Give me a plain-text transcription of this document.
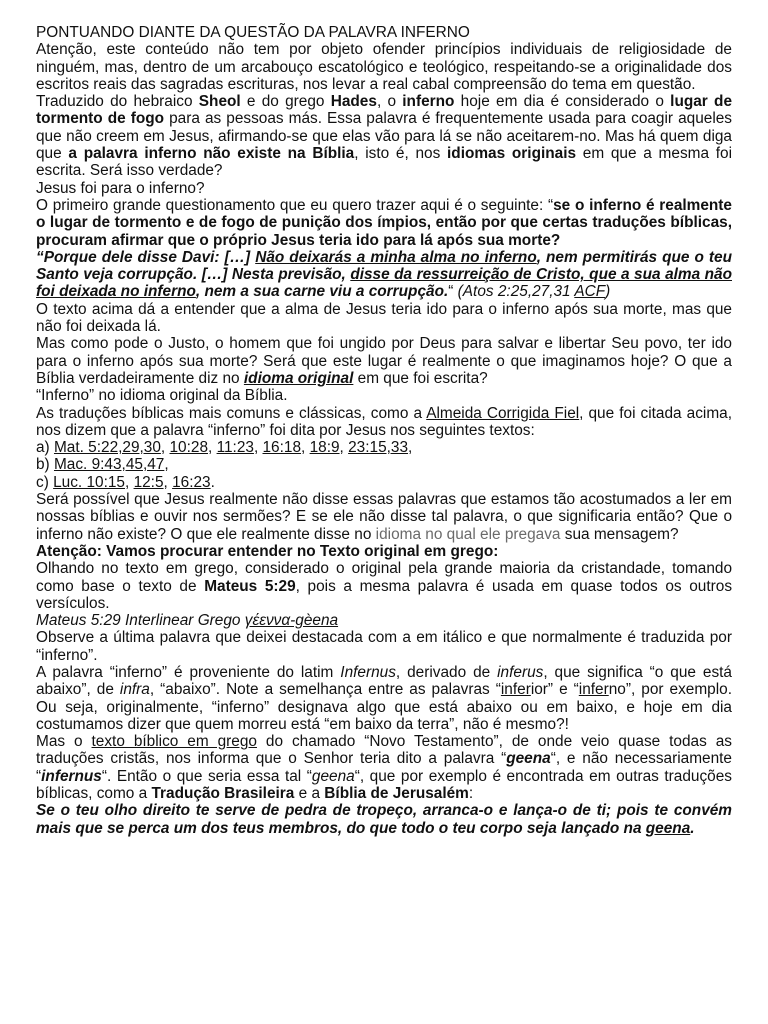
PONTUANDO DIANTE DA QUESTÃO DA PALAVRA INFERNO

Atenção, este conteúdo não tem por objeto ofender princípios individuais de religiosidade de ninguém, mas, dentro de um arcabouço escatológico e teológico, respeitando-se a originalidade dos escritos reais das sagradas escrituras, nos levar a real cabal compreensão do tema em questão.

Traduzido do hebraico Sheol e do grego Hades, o inferno hoje em dia é considerado o lugar de tormento de fogo para as pessoas más. Essa palavra é frequentemente usada para coagir aqueles que não creem em Jesus, afirmando-se que elas vão para lá se não aceitarem-no. Mas há quem diga que a palavra inferno não existe na Bíblia, isto é, nos idiomas originais em que a mesma foi escrita. Será isso verdade?

Jesus foi para o inferno?

O primeiro grande questionamento que eu quero trazer aqui é o seguinte: “se o inferno é realmente o lugar de tormento e de fogo de punição dos ímpios, então por que certas traduções bíblicas, procuram afirmar que o próprio Jesus teria ido para lá após sua morte?

“Porque dele disse Davi: […] Não deixarás a minha alma no inferno, nem permitirás que o teu Santo veja corrupção. […] Nesta previsão, disse da ressurreição de Cristo, que a sua alma não foi deixada no inferno, nem a sua carne viu a corrupção.“ (Atos 2:25,27,31 ACF)

O texto acima dá a entender que a alma de Jesus teria ido para o inferno após sua morte, mas que não foi deixada lá.

Mas como pode o Justo, o homem que foi ungido por Deus para salvar e libertar Seu povo, ter ido para o inferno após sua morte? Será que este lugar é realmente o que imaginamos hoje? O que a Bíblia verdadeiramente diz no idioma original em que foi escrita?

“Inferno” no idioma original da Bíblia.

As traduções bíblicas mais comuns e clássicas, como a Almeida Corrigida Fiel, que foi citada acima, nos dizem que a palavra “inferno” foi dita por Jesus nos seguintes textos:

a) Mat. 5:22,29,30, 10:28, 11:23, 16:18, 18:9, 23:15,33,

b) Mac. 9:43,45,47,

c) Luc. 10:15, 12:5, 16:23.

Será possível que Jesus realmente não disse essas palavras que estamos tão acostumados a ler em nossas bíblias e ouvir nos sermões? E se ele não disse tal palavra, o que significaria então? Que o inferno não existe? O que ele realmente disse no idioma no qual ele pregava sua mensagem?

Atenção: Vamos procurar entender no Texto original em grego:

Olhando no texto em grego, considerado o original pela grande maioria da cristandade, tomando como base o texto de Mateus 5:29, pois a mesma palavra é usada em quase todos os outros versículos.

Mateus 5:29 Interlinear Grego γέεννα-gèena

Observe a última palavra que deixei destacada com a em itálico e que normalmente é traduzida por “inferno”.

A palavra “inferno” é proveniente do latim Infernus, derivado de inferus, que significa “o que está abaixo”, de infra, “abaixo”. Note a semelhança entre as palavras “inferior” e “inferno”, por exemplo. Ou seja, originalmente, “inferno” designava algo que está abaixo ou em baixo, e hoje em dia costumamos dizer que quem morreu está “em baixo da terra”, não é mesmo?!

Mas o texto bíblico em grego do chamado “Novo Testamento”, de onde veio quase todas as traduções cristãs, nos informa que o Senhor teria dito a palavra “geena“, e não necessariamente “infernus“. Então o que seria essa tal “geena“, que por exemplo é encontrada em outras traduções bíblicas, como a Tradução Brasileira e a Bíblia de Jerusalém:

Se o teu olho direito te serve de pedra de tropeço, arranca-o e lança-o de ti; pois te convém mais que se perca um dos teus membros, do que todo o teu corpo seja lançado na geena.
